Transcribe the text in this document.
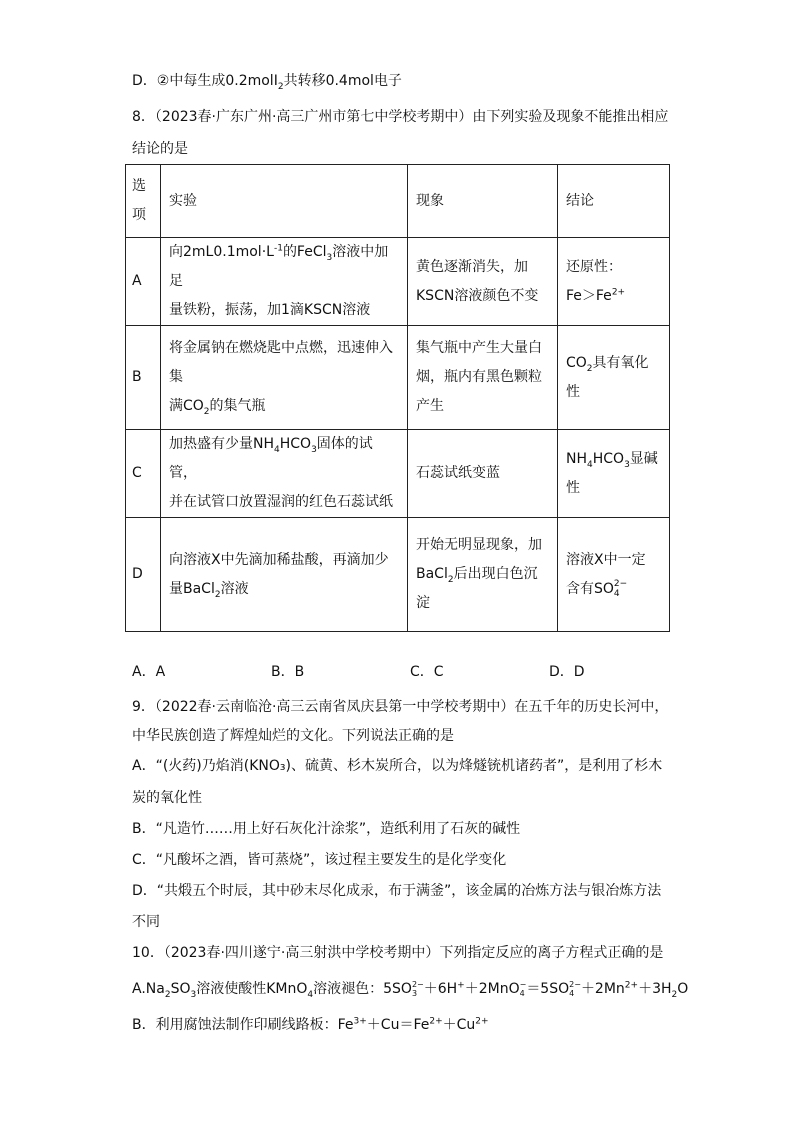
D．②中每生成0.2molI$_2$共转移0.4mol电子
8．（2023春·广东广州·高三广州市第七中学校考期中）由下列实验及现象不能推出相应
结论的是
选
项	实验	现象	结论
A	向$2mL0.1mol\cdot L^{-1}$的FeCl$_3$溶液中加足
量铁粉，振荡，加1滴KSCN溶液	黄色逐渐消失，加
KSCN溶液颜色不变	还原性：
$Fe>Fe^{2+}$
B	将金属钠在燃烧匙中点燃，迅速伸入集
满$CO_2$的集气瓶	集气瓶中产生大量白
烟，瓶内有黑色颗粒
产生	$CO_2$具有氧化
性
C	加热盛有少量$NH_4HCO_3$固体的试管，
并在试管口放置湿润的红色石蕊试纸	石蕊试纸变蓝	$NH_4HCO_3$显碱
性
D	向溶液X中先滴加稀盐酸，再滴加少
量BaCl$_2$溶液	开始无明显现象，加
BaCl$_2$后出现白色沉
淀	溶液X中一定
含有SO 2−
4
A．A	B．B	C．C	D．D
9．（2022春·云南临沧·高三云南省凤庆县第一中学校考期中）在五千年的历史长河中，
中华民族创造了辉煌灿烂的文化。下列说法正确的是
A．“(火药)乃焰消(KNO₃)、硫黄、杉木炭所合，以为烽燧铳机诸药者”，是利用了杉木
炭的氧化性
B．“凡造竹……用上好石灰化汁涂浆”，造纸利用了石灰的碱性
C．“凡酸坏之酒，皆可蒸烧”，该过程主要发生的是化学变化
D．“共煅五个时辰，其中砂末尽化成汞，布于满釜”，该金属的冶炼方法与银冶炼方法
不同
10．（2023春·四川遂宁·高三射洪中学校考期中）下列指定反应的离子方程式正确的是
$A.Na_2SO_3$溶液使酸性KMnO$_4$溶液褪色：5SO 2−
3 ＋6H+＋2MnO −
4 ＝5SO 2−
$4 +2Mn^{2+}+3H_2O$
B．利用腐蚀法制作印刷线路板：$Fe^{3+}+Cu=Fe^{2+}+Cu^{2+}$
